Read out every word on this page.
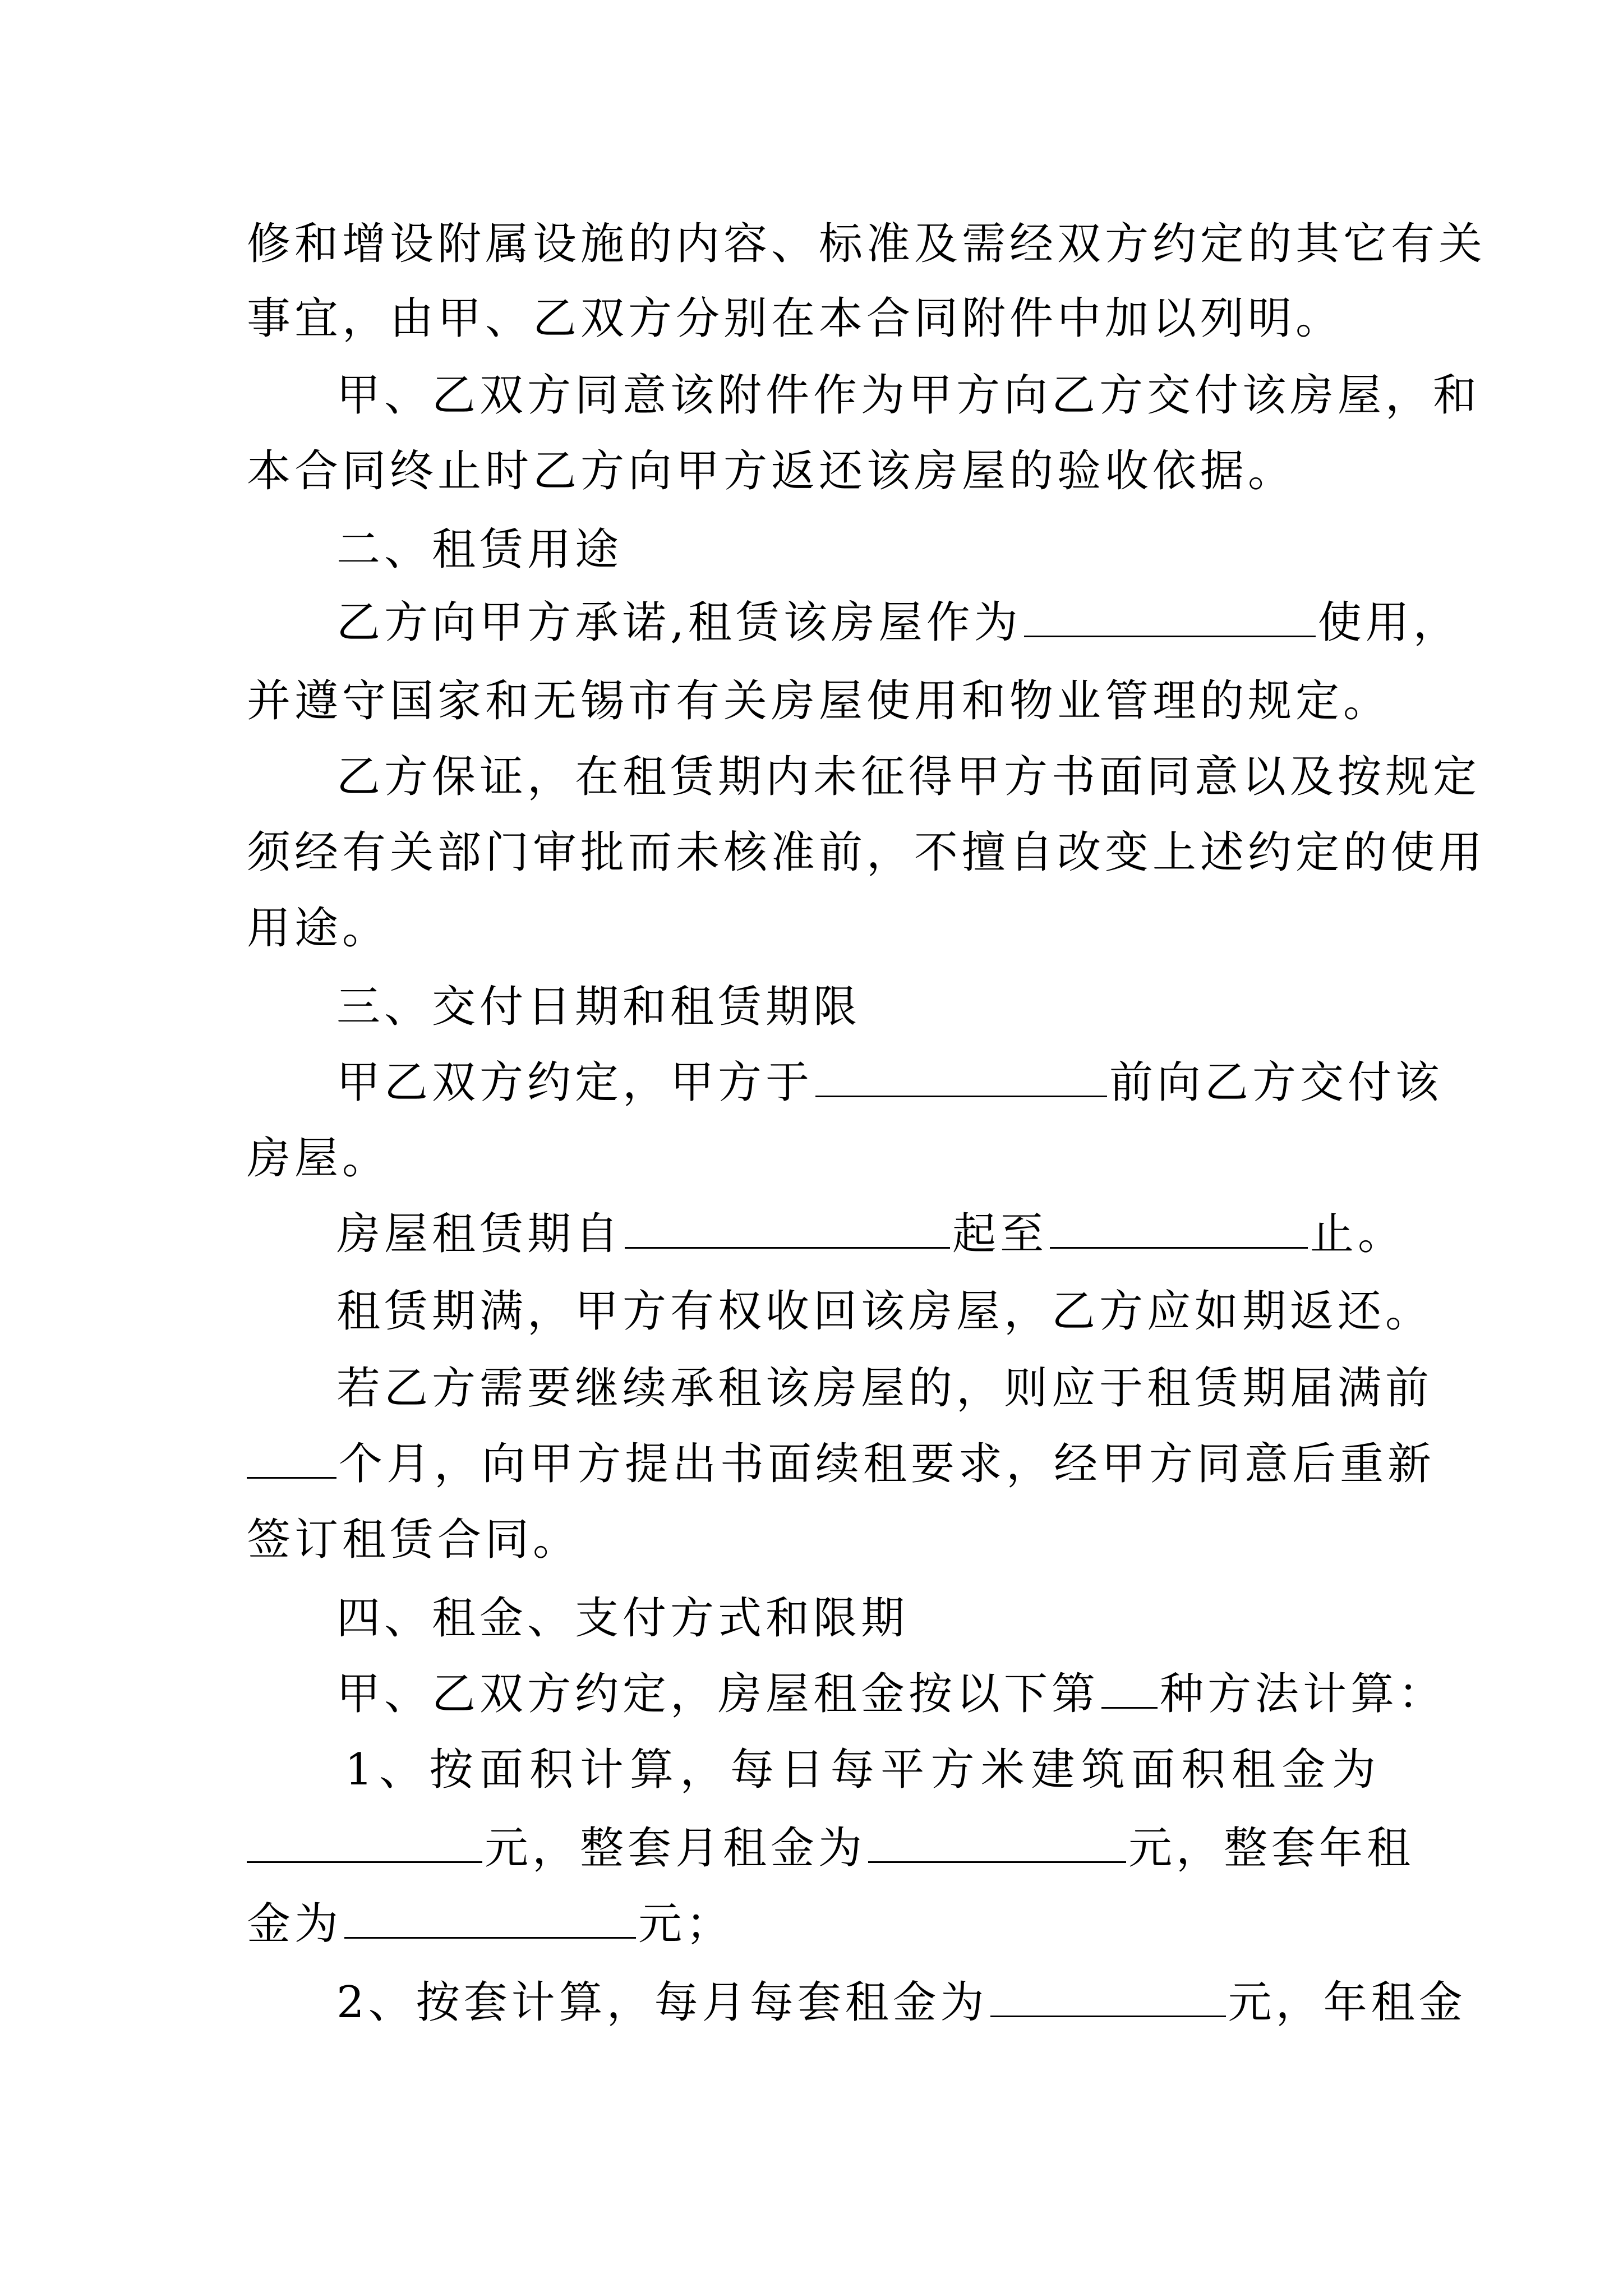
修和增设附属设施的内容、标准及需经双方约定的其它有关
事宜，由甲、乙双方分别在本合同附件中加以列明。
甲、乙双方同意该附件作为甲方向乙方交付该房屋，和
本合同终止时乙方向甲方返还该房屋的验收依据。
二、租赁用途
乙方向甲方承诺,租赁该房屋作为	使用，
并遵守国家和无锡市有关房屋使用和物业管理的规定。
乙方保证，在租赁期内未征得甲方书面同意以及按规定
须经有关部门审批而未核准前，不擅自改变上述约定的使用
用途。
三、交付日期和租赁期限
甲乙双方约定，甲方于	前向乙方交付该
房屋。
房屋租赁期自	起至	止。
租赁期满，甲方有权收回该房屋，乙方应如期返还。
若乙方需要继续承租该房屋的，则应于租赁期届满前
个月，向甲方提出书面续租要求，经甲方同意后重新
签订租赁合同。
四、租金、支付方式和限期
甲、乙双方约定，房屋租金按以下第 种方法计算：
1、按面积计算，每日每平方米建筑面积租金为
元，整套月租金为	元，整套年租
金为	元；
2、按套计算，每月每套租金为	元，年租金
